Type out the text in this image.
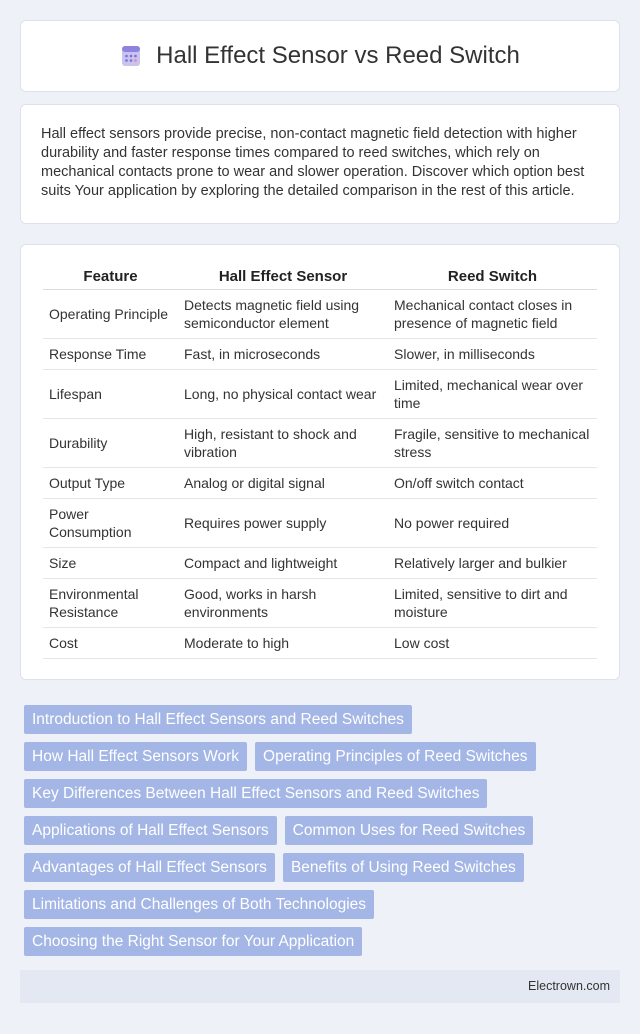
Hall Effect Sensor vs Reed Switch

Hall effect sensors provide precise, non-contact magnetic field detection with higher durability and faster response times compared to reed switches, which rely on mechanical contacts prone to wear and slower operation. Discover which option best suits Your application by exploring the detailed comparison in the rest of this article.

Feature	Hall Effect Sensor	Reed Switch
Operating Principle	Detects magnetic field using semiconductor element	Mechanical contact closes in presence of magnetic field
Response Time	Fast, in microseconds	Slower, in milliseconds
Lifespan	Long, no physical contact wear	Limited, mechanical wear over time
Durability	High, resistant to shock and vibration	Fragile, sensitive to mechanical stress
Output Type	Analog or digital signal	On/off switch contact
Power Consumption	Requires power supply	No power required
Size	Compact and lightweight	Relatively larger and bulkier
Environmental Resistance	Good, works in harsh environments	Limited, sensitive to dirt and moisture
Cost	Moderate to high	Low cost
Introduction to Hall Effect Sensors and Reed Switches
How Hall Effect Sensors Work	Operating Principles of Reed Switches
Key Differences Between Hall Effect Sensors and Reed Switches
Applications of Hall Effect Sensors	Common Uses for Reed Switches
Advantages of Hall Effect Sensors	Benefits of Using Reed Switches
Limitations and Challenges of Both Technologies
Choosing the Right Sensor for Your Application
Electrown.com
